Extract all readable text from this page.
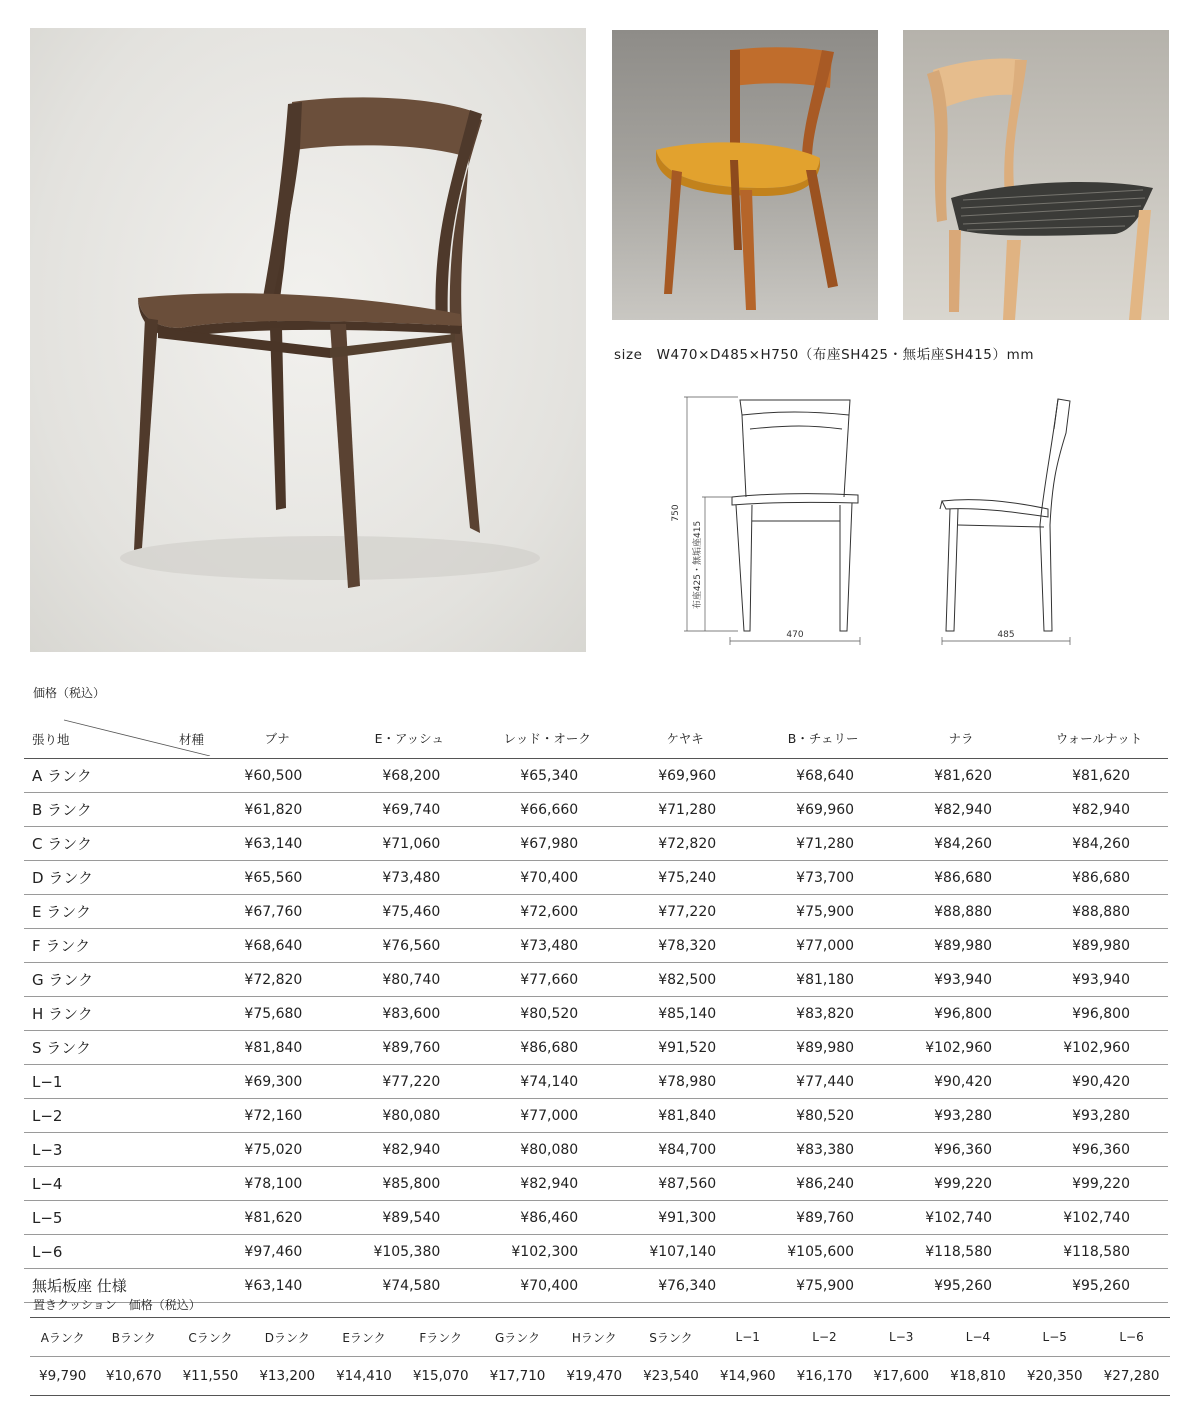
size W470×D485×H750（布座SH425・無垢座SH415）mm
750
布座425・無垢座415
470	485
価格（税込）
張り地 材種	ブナ	E・アッシュ	レッド・オーク	ケヤキ	B・チェリー	ナラ	ウォールナット
A ランク	¥60,500	¥68,200	¥65,340	¥69,960	¥68,640	¥81,620	¥81,620
B ランク	¥61,820	¥69,740	¥66,660	¥71,280	¥69,960	¥82,940	¥82,940
C ランク	¥63,140	¥71,060	¥67,980	¥72,820	¥71,280	¥84,260	¥84,260
D ランク	¥65,560	¥73,480	¥70,400	¥75,240	¥73,700	¥86,680	¥86,680
E ランク	¥67,760	¥75,460	¥72,600	¥77,220	¥75,900	¥88,880	¥88,880
F ランク	¥68,640	¥76,560	¥73,480	¥78,320	¥77,000	¥89,980	¥89,980
G ランク	¥72,820	¥80,740	¥77,660	¥82,500	¥81,180	¥93,940	¥93,940
H ランク	¥75,680	¥83,600	¥80,520	¥85,140	¥83,820	¥96,800	¥96,800
S ランク	¥81,840	¥89,760	¥86,680	¥91,520	¥89,980	¥102,960	¥102,960
L−1	¥69,300	¥77,220	¥74,140	¥78,980	¥77,440	¥90,420	¥90,420
L−2	¥72,160	¥80,080	¥77,000	¥81,840	¥80,520	¥93,280	¥93,280
L−3	¥75,020	¥82,940	¥80,080	¥84,700	¥83,380	¥96,360	¥96,360
L−4	¥78,100	¥85,800	¥82,940	¥87,560	¥86,240	¥99,220	¥99,220
L−5	¥81,620	¥89,540	¥86,460	¥91,300	¥89,760	¥102,740	¥102,740
L−6	¥97,460	¥105,380	¥102,300	¥107,140	¥105,600	¥118,580	¥118,580
無垢板座 仕様	¥63,140	¥74,580	¥70,400	¥76,340	¥75,900	¥95,260	¥95,260
置きクッション　価格（税込）
Aランク	Bランク	Cランク	Dランク	Eランク	Fランク	Gランク	Hランク	Sランク	L−1	L−2	L−3	L−4	L−5	L−6
¥9,790	¥10,670	¥11,550	¥13,200	¥14,410	¥15,070	¥17,710	¥19,470	¥23,540	¥14,960	¥16,170	¥17,600	¥18,810	¥20,350	¥27,280
